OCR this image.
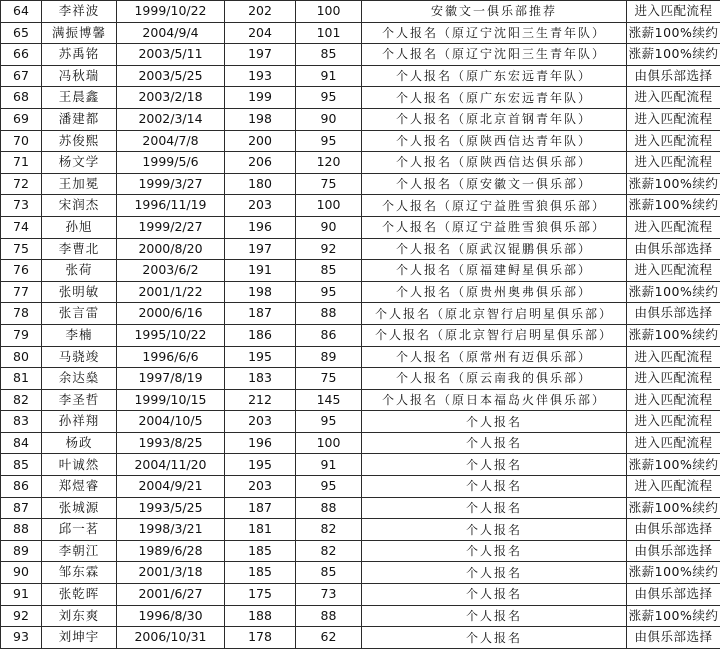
64	李祥波	1999/10/22	202	100	安徽文一俱乐部推荐	进入匹配流程
65	满振博馨	2004/9/4	204	101	个人报名（原辽宁沈阳三生青年队）	涨薪100%续约
66	苏禹铭	2003/5/11	197	85	个人报名（原辽宁沈阳三生青年队）	涨薪100%续约
67	冯秋瑞	2003/5/25	193	91	个人报名（原广东宏远青年队）	由俱乐部选择
68	王晨鑫	2003/2/18	199	95	个人报名（原广东宏远青年队）	进入匹配流程
69	潘建都	2002/3/14	198	90	个人报名（原北京首钢青年队）	进入匹配流程
70	苏俊熙	2004/7/8	200	95	个人报名（原陕西信达青年队）	进入匹配流程
71	杨文学	1999/5/6	206	120	个人报名（原陕西信达俱乐部）	进入匹配流程
72	王加冕	1999/3/27	180	75	个人报名（原安徽文一俱乐部）	涨薪100%续约
73	宋润杰	1996/11/19	203	100	个人报名（原辽宁益胜雪狼俱乐部）	涨薪100%续约
74	孙旭	1999/2/27	196	90	个人报名（原辽宁益胜雪狼俱乐部）	进入匹配流程
75	李曹北	2000/8/20	197	92	个人报名（原武汉锟鹏俱乐部）	由俱乐部选择
76	张荷	2003/6/2	191	85	个人报名（原福建鲟星俱乐部）	进入匹配流程
77	张明敏	2001/1/22	198	95	个人报名（原贵州奥弗俱乐部）	涨薪100%续约
78	张言雷	2000/6/16	187	88	个人报名（原北京智行启明星俱乐部）	由俱乐部选择
79	李楠	1995/10/22	186	86	个人报名（原北京智行启明星俱乐部）	涨薪100%续约
80	马骁竣	1996/6/6	195	89	个人报名（原常州有迈俱乐部）	进入匹配流程
81	余达燊	1997/8/19	183	75	个人报名（原云南我的俱乐部）	进入匹配流程
82	李圣哲	1999/10/15	212	145	个人报名（原日本福岛火伴俱乐部）	进入匹配流程
83	孙祥翔	2004/10/5	203	95	个人报名	进入匹配流程
84	杨政	1993/8/25	196	100	个人报名	进入匹配流程
85	叶诚然	2004/11/20	195	91	个人报名	涨薪100%续约
86	郑煜睿	2004/9/21	203	95	个人报名	进入匹配流程
87	张城源	1993/5/25	187	88	个人报名	涨薪100%续约
88	邱一茗	1998/3/21	181	82	个人报名	由俱乐部选择
89	李朝江	1989/6/28	185	82	个人报名	由俱乐部选择
90	邹东霖	2001/3/18	185	85	个人报名	涨薪100%续约
91	张乾晖	2001/6/27	175	73	个人报名	由俱乐部选择
92	刘东爽	1996/8/30	188	88	个人报名	涨薪100%续约
93	刘坤宇	2006/10/31	178	62	个人报名	由俱乐部选择
